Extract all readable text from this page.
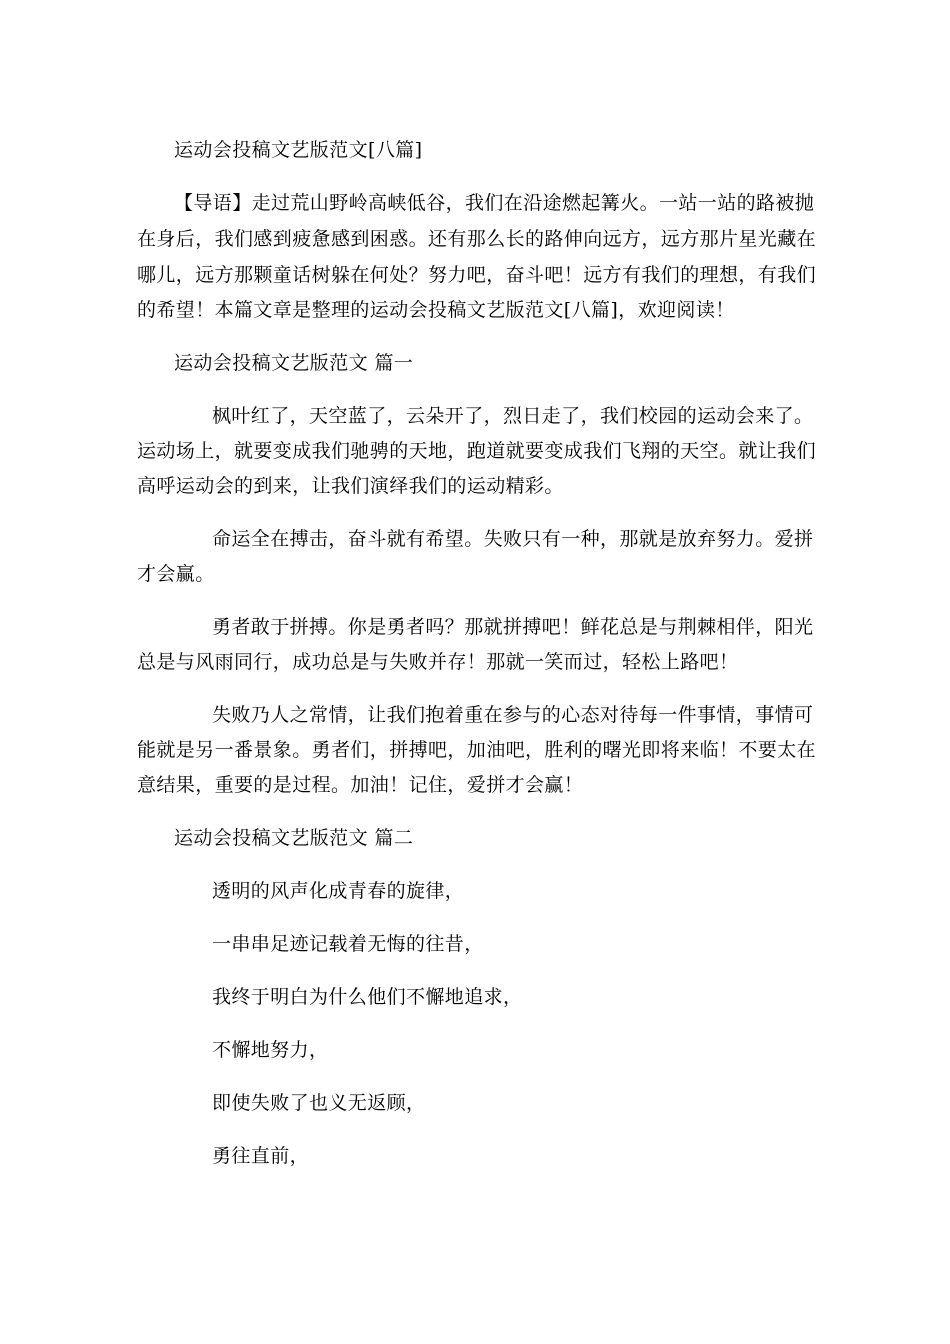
运动会投稿文艺版范文[八篇]
【导语】走过荒山野岭高峡低谷，我们在沿途燃起篝火。一站一站的路被抛
在身后，我们感到疲惫感到困惑。还有那么长的路伸向远方，远方那片星光藏在
哪儿，远方那颗童话树躲在何处？努力吧，奋斗吧！远方有我们的理想，有我们
的希望！本篇文章是整理的运动会投稿文艺版范文[八篇]，欢迎阅读！
运动会投稿文艺版范文 篇一
枫叶红了，天空蓝了，云朵开了，烈日走了，我们校园的运动会来了。
运动场上，就要变成我们驰骋的天地，跑道就要变成我们飞翔的天空。就让我们
高呼运动会的到来，让我们演绎我们的运动精彩。
命运全在搏击，奋斗就有希望。失败只有一种，那就是放弃努力。爱拼
才会赢。
勇者敢于拼搏。你是勇者吗？那就拼搏吧！鲜花总是与荆棘相伴，阳光
总是与风雨同行，成功总是与失败并存！那就一笑而过，轻松上路吧！
失败乃人之常情，让我们抱着重在参与的心态对待每一件事情，事情可
能就是另一番景象。勇者们，拼搏吧，加油吧，胜利的曙光即将来临！不要太在
意结果，重要的是过程。加油！记住，爱拼才会赢！
运动会投稿文艺版范文 篇二
透明的风声化成青春的旋律，
一串串足迹记载着无悔的往昔，
我终于明白为什么他们不懈地追求，
不懈地努力，
即使失败了也义无返顾，
勇往直前，
